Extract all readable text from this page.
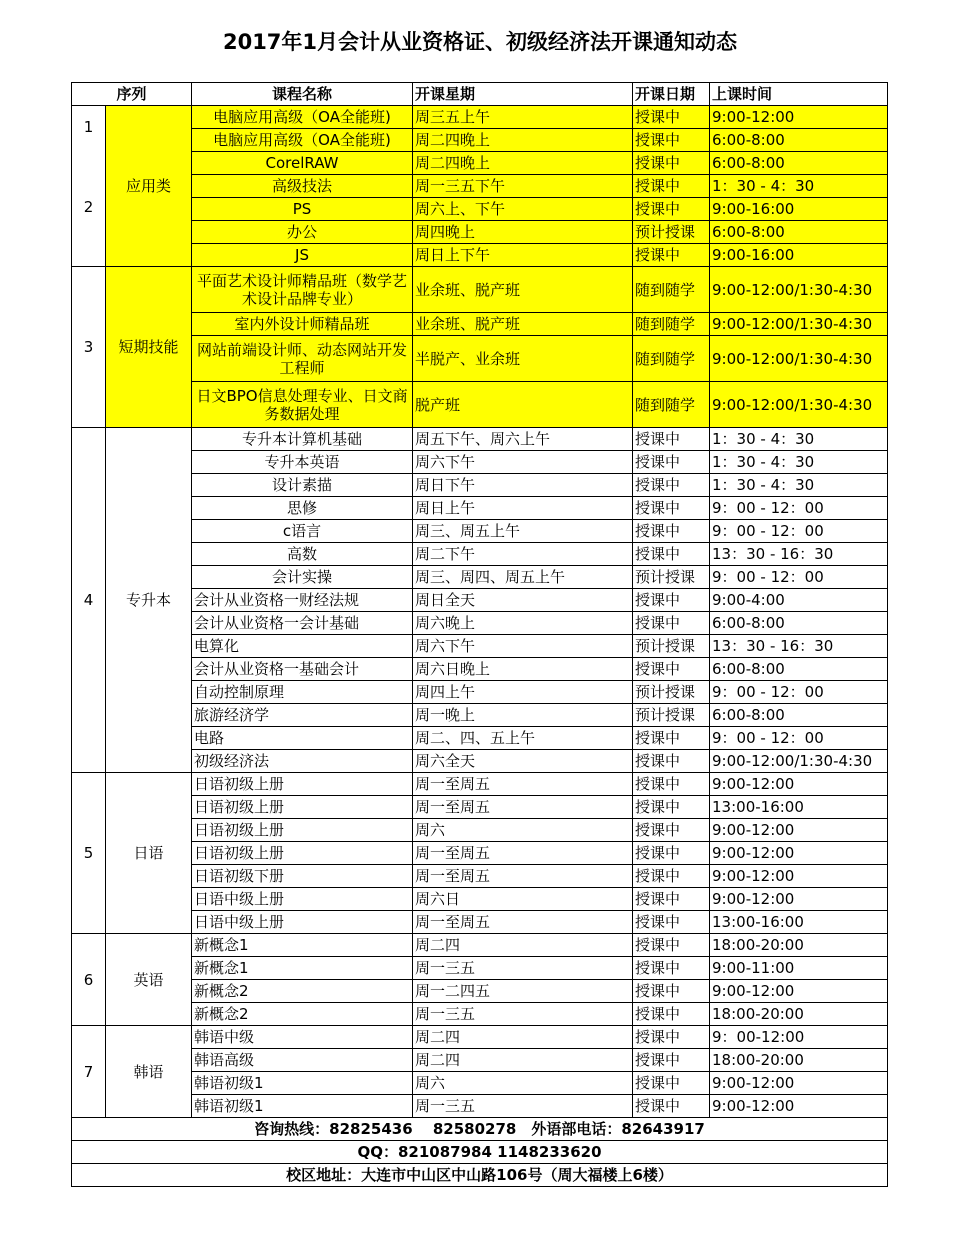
2017年1月会计从业资格证、初级经济法开课通知动态
序列		课程名称	开课星期	开课日期	上课时间

1
2	应用类	电脑应用高级（OA全能班)	周三五上午	授课中	9:00-12:00
		电脑应用高级（OA全能班)	周二四晚上	授课中	6:00-8:00
		CorelRAW	周二四晚上	授课中	6:00-8:00
		高级技法	周一三五下午	授课中	1：30 - 4：30
		PS	周六上、下午	授课中	9:00-16:00
		办公	周四晚上	预计授课	6:00-8:00
		JS	周日上下午	授课中	9:00-16:00
3	短期技能	平面艺术设计师精品班（数学艺术设计品牌专业）	业余班、脱产班	随到随学	9:00-12:00/1:30-4:30
		室内外设计师精品班	业余班、脱产班	随到随学	9:00-12:00/1:30-4:30
		网站前端设计师、动态网站开发工程师	半脱产、业余班	随到随学	9:00-12:00/1:30-4:30
		日文BPO信息处理专业、日文商务数据处理	脱产班	随到随学	9:00-12:00/1:30-4:30
4	专升本	专升本计算机基础	周五下午、周六上午	授课中	1：30 - 4：30
		专升本英语	周六下午	授课中	1：30 - 4：30
		设计素描	周日下午	授课中	1：30 - 4：30
		思修	周日上午	授课中	9：00 - 12：00
		c语言	周三、周五上午	授课中	9：00 - 12：00
		高数	周二下午	授课中	13：30 - 16：30
		会计实操	周三、周四、周五上午	预计授课	9：00 - 12：00
		会计从业资格一财经法规	周日全天	授课中	9:00-4:00
		会计从业资格一会计基础	周六晚上	授课中	6:00-8:00
		电算化	周六下午	预计授课	13：30 - 16：30
		会计从业资格一基础会计	周六日晚上	授课中	6:00-8:00
		自动控制原理	周四上午	预计授课	9：00 - 12：00
		旅游经济学	周一晚上	预计授课	6:00-8:00
		电路	周二、四、五上午	授课中	9：00 - 12：00
		初级经济法	周六全天	授课中	9:00-12:00/1:30-4:30
5	日语	日语初级上册	周一至周五	授课中	9:00-12:00
		日语初级上册	周一至周五	授课中	13:00-16:00
		日语初级上册	周六	授课中	9:00-12:00
		日语初级上册	周一至周五	授课中	9:00-12:00
		日语初级下册	周一至周五	授课中	9:00-12:00
		日语中级上册	周六日	授课中	9:00-12:00
		日语中级上册	周一至周五	授课中	13:00-16:00
6	英语	新概念1	周二四	授课中	18:00-20:00
		新概念1	周一三五	授课中	9:00-11:00
		新概念2	周一二四五	授课中	9:00-12:00
		新概念2	周一三五	授课中	18:00-20:00
7	韩语	韩语中级	周二四	授课中	9：00-12:00
		韩语高级	周二四	授课中	18:00-20:00
		韩语初级1	周六	授课中	9:00-12:00
		韩语初级1	周一三五	授课中	9:00-12:00
咨询热线：82825436　 82580278　外语部电话：82643917					
QQ：821087984 1148233620					
校区地址：大连市中山区中山路106号（周大福楼上6楼）					
